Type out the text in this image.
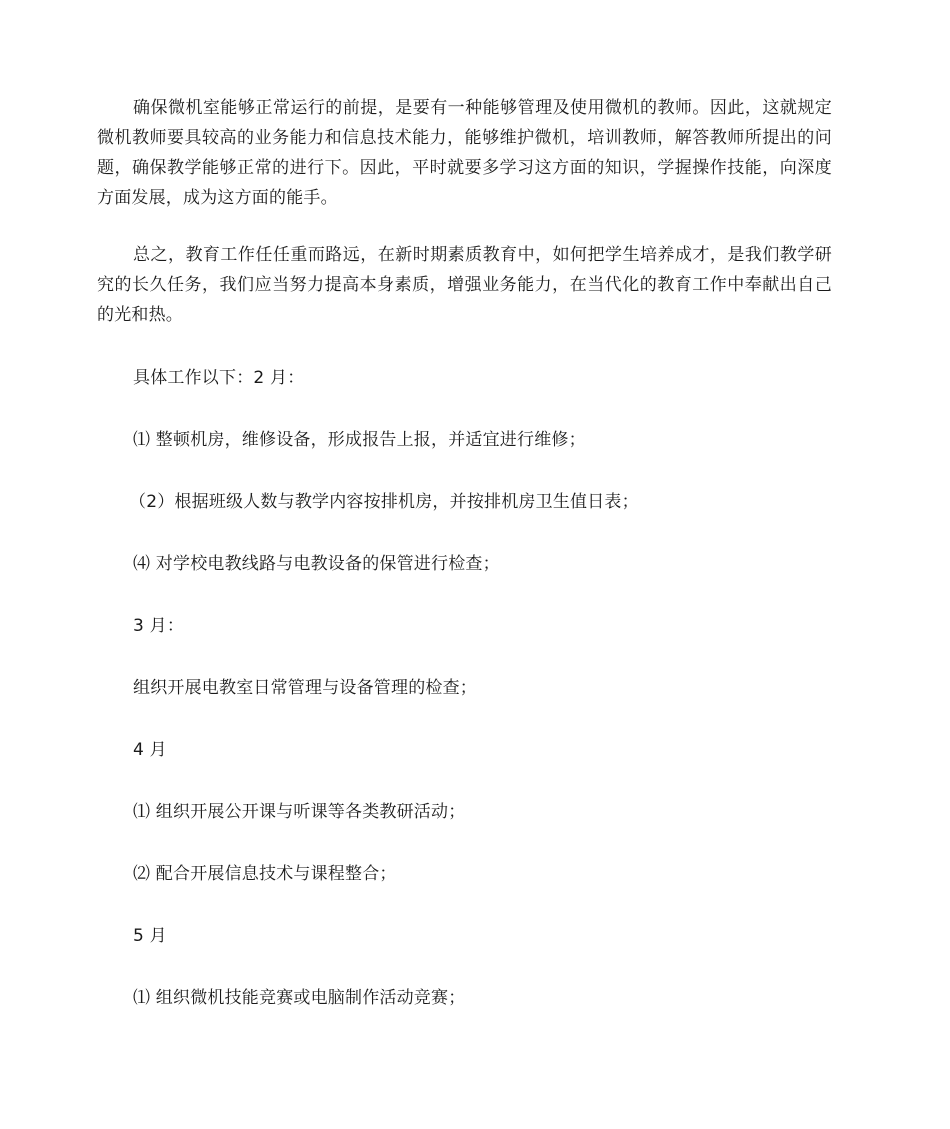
确保微机室能够正常运行的前提，是要有一种能够管理及使用微机的教师。因此，这就规定微机教师要具较高的业务能力和信息技术能力，能够维护微机，培训教师，解答教师所提出的问题，确保教学能够正常的进行下。因此，平时就要多学习这方面的知识，学握操作技能，向深度方面发展，成为这方面的能手。

总之，教育工作任任重而路远，在新时期素质教育中，如何把学生培养成才，是我们教学研究的长久任务，我们应当努力提高本身素质，增强业务能力，在当代化的教育工作中奉献出自己的光和热。

具体工作以下：2 月：

⑴ 整顿机房，维修设备，形成报告上报，并适宜进行维修；

（2）根据班级人数与教学内容按排机房，并按排机房卫生值日表；

⑷ 对学校电教线路与电教设备的保管进行检查；

3 月：

组织开展电教室日常管理与设备管理的检查；

4 月

⑴ 组织开展公开课与听课等各类教研活动；

⑵ 配合开展信息技术与课程整合；

5 月

⑴ 组织微机技能竞赛或电脑制作活动竞赛；
